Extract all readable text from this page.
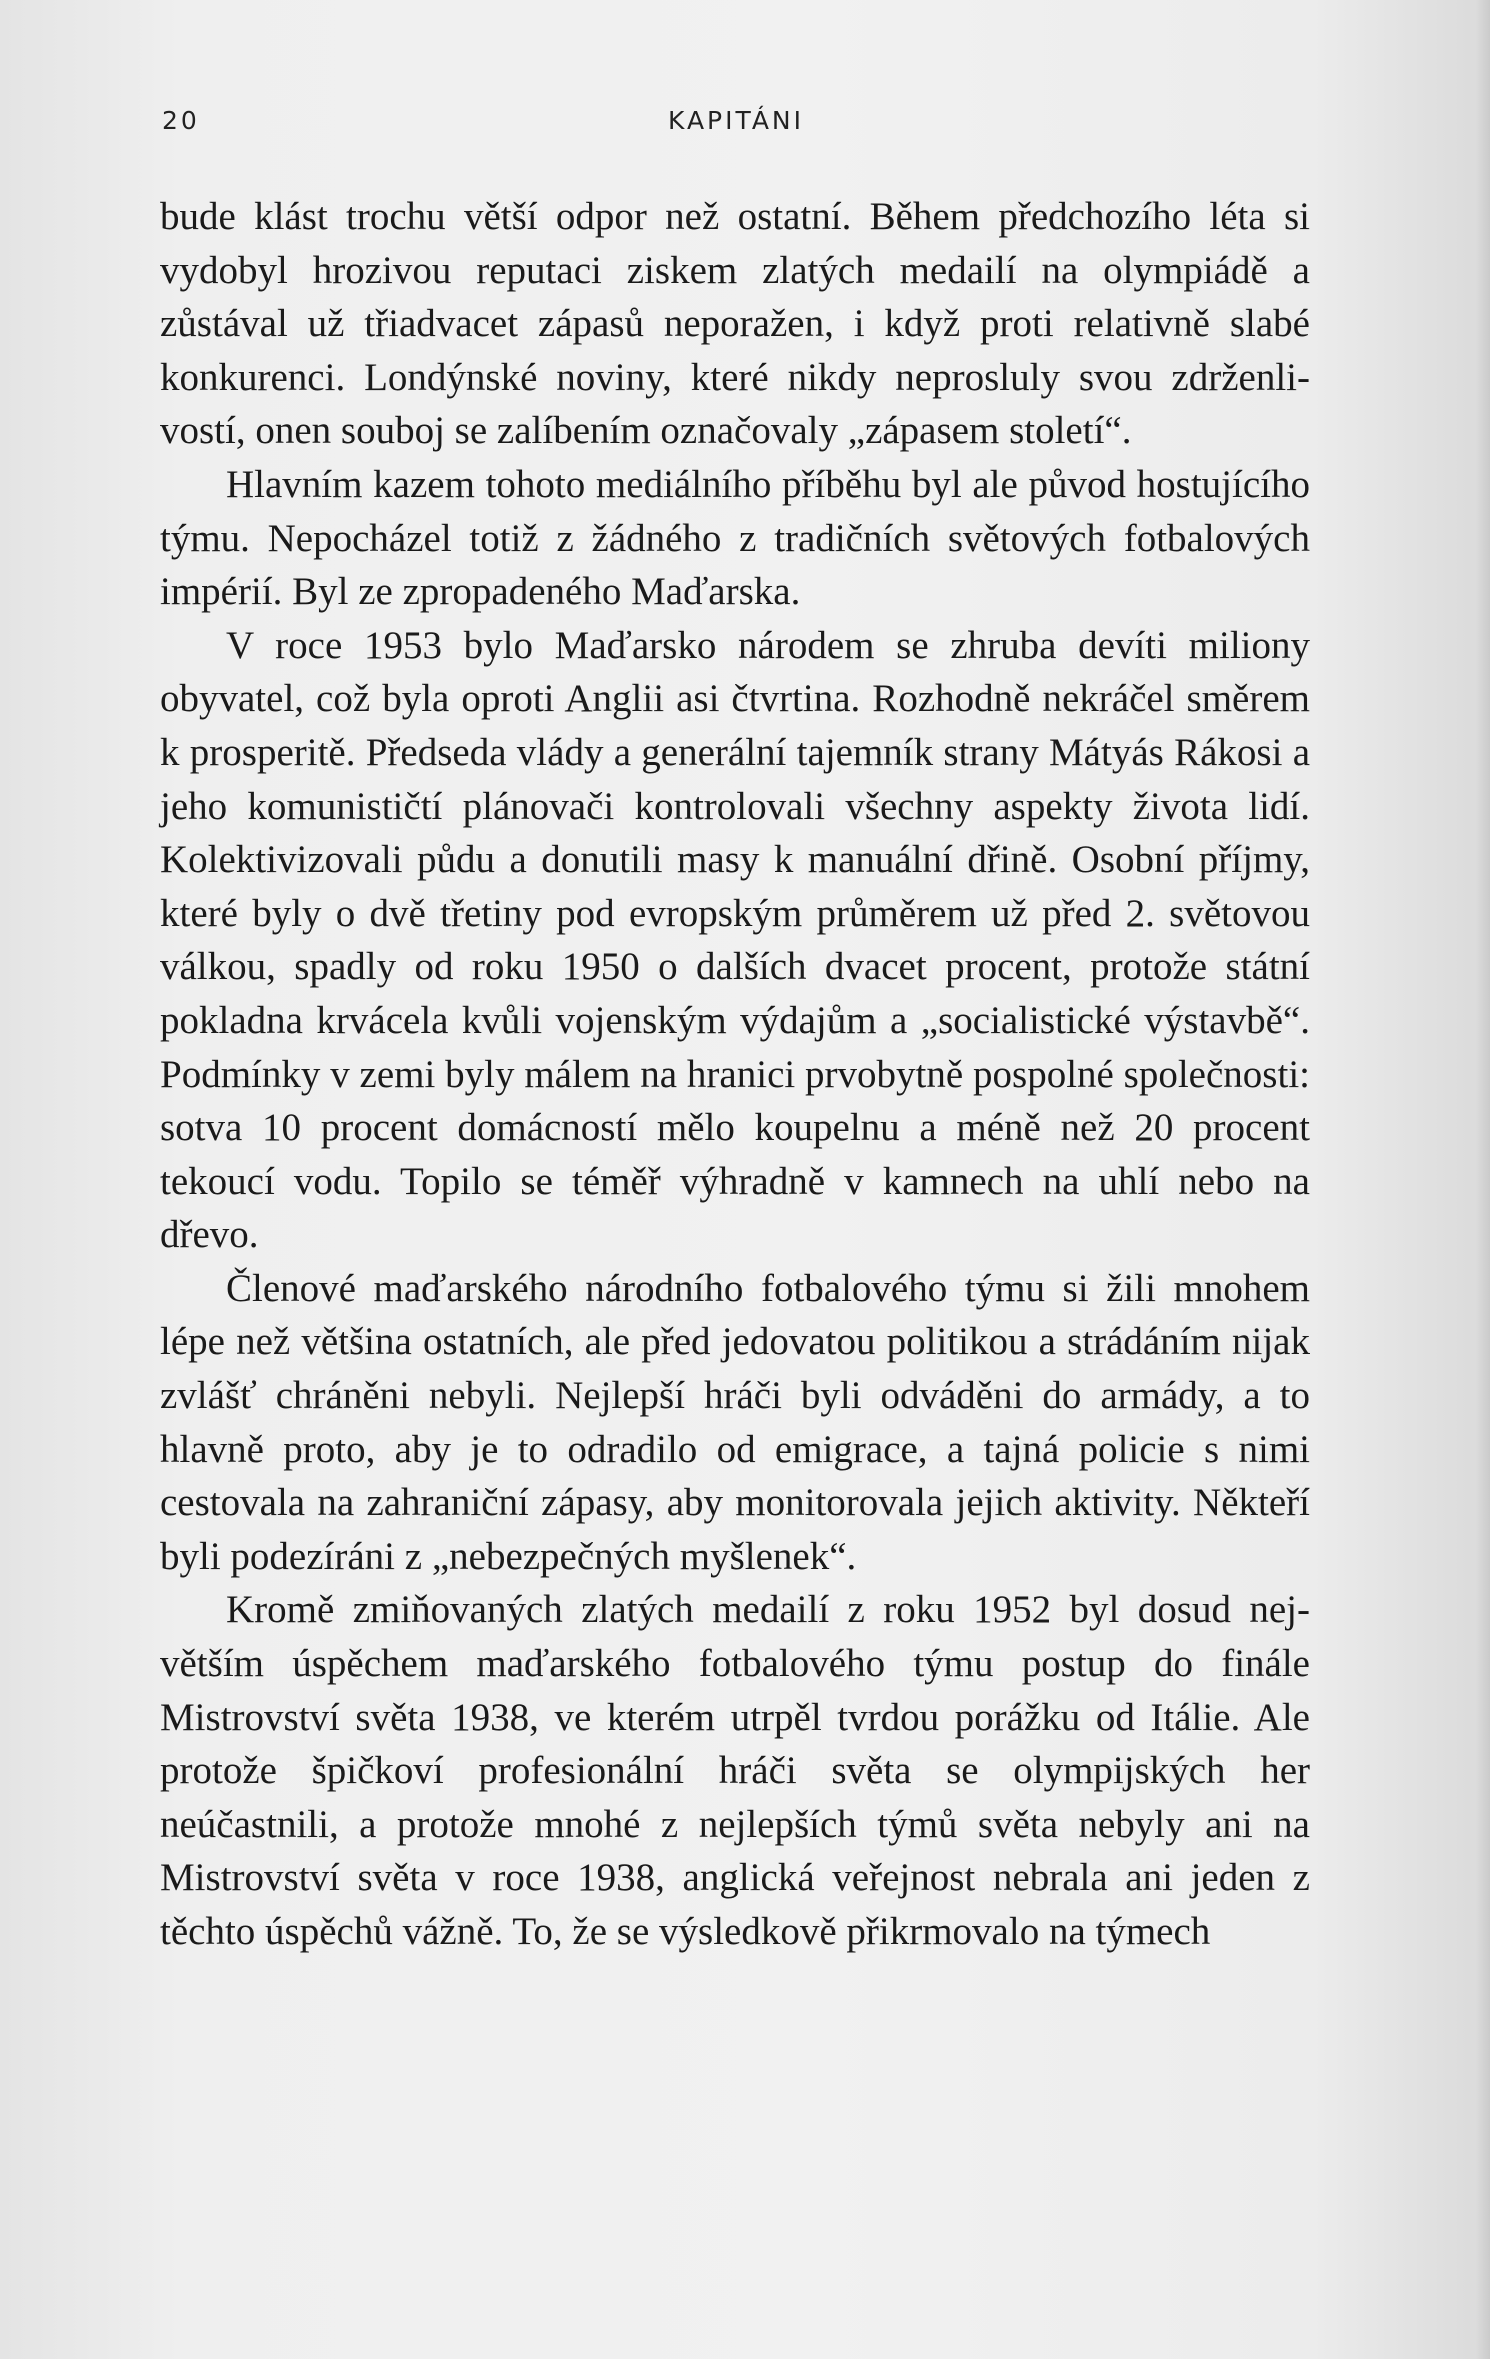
20	KAPITÁNI

bude klást trochu větší odpor než ostatní. Během předchozího léta si vydobyl hrozivou reputaci ziskem zlatých medailí na olympiádě a zůstával už třiadvacet zápasů neporažen, i když proti relativně slabé konkurenci. Londýnské noviny, které nikdy neprosluly svou zdrženlivostí, onen souboj se zalíbením označovaly „zápasem století“.

Hlavním kazem tohoto mediálního příběhu byl ale původ hostujícího týmu. Nepocházel totiž z žádného z tradičních světových fotbalových impérií. Byl ze zpropadeného Maďarska.

V roce 1953 bylo Maďarsko národem se zhruba devíti miliony obyvatel, což byla oproti Anglii asi čtvrtina. Rozhodně nekráčel směrem k prosperitě. Předseda vlády a generální tajemník strany Mátyás Rákosi a jeho komunističtí plánovači kontrolovali všechny aspekty života lidí. Kolektivizovali půdu a donutili masy k manuální dřině. Osobní příjmy, které byly o dvě třetiny pod evropským průměrem už před 2. světovou válkou, spadly od roku 1950 o dalších dvacet procent, protože státní pokladna krvácela kvůli vojenským výdajům a „socialistické výstavbě“. Podmínky v zemi byly málem na hranici prvobytně pospolné společnosti: sotva 10 procent domácností mělo koupelnu a méně než 20 procent tekoucí vodu. Topilo se téměř výhradně v kamnech na uhlí nebo na dřevo.

Členové maďarského národního fotbalového týmu si žili mnohem lépe než většina ostatních, ale před jedovatou politikou a strádáním nijak zvlášť chráněni nebyli. Nejlepší hráči byli odváděni do armády, a to hlavně proto, aby je to odradilo od emigrace, a tajná policie s nimi cestovala na zahraniční zápasy, aby monitorovala jejich aktivity. Někteří byli podezíráni z „nebezpečných myšlenek“.

Kromě zmiňovaných zlatých medailí z roku 1952 byl dosud největším úspěchem maďarského fotbalového týmu postup do finále Mistrovství světa 1938, ve kterém utrpěl tvrdou porážku od Itálie. Ale protože špičkoví profesionální hráči světa se olympijských her neúčastnili, a protože mnohé z nejlepších týmů světa nebyly ani na Mistrovství světa v roce 1938, anglická veřejnost nebrala ani jeden z těchto úspěchů vážně. To, že se výsledkově přikrmovalo na týmech
